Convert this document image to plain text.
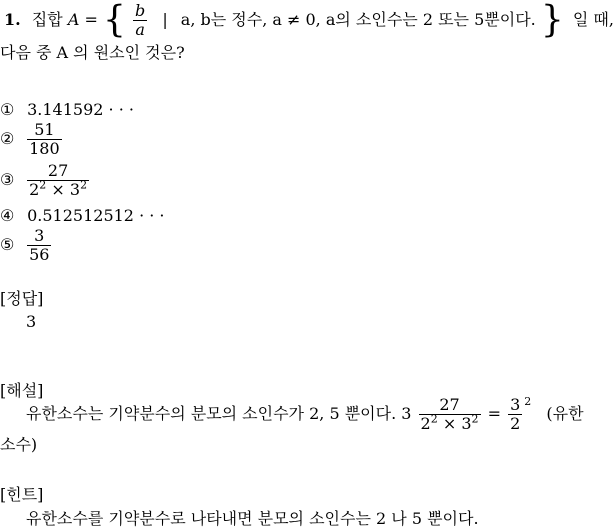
1. 집합 A = { $\frac{b}{a}$ | a, b는 정수, a ≠ 0, a의 소인수는 2 또는 5뿐이다. } 일 때,
다음 중 A 의 원소인 것은?
① 3.141592 · · ·
② $\frac{51}{180}$
③ $\frac{27}{2^2 \times 3^2}$
④ 0.512512512 · · ·
⑤ $\frac{3}{56}$
[정답]
3
[해설]
유한소수는 기약분수의 분모의 소인수가 2, 5 뿐이다. $3 \frac{27}{2^2 \times 3^2} = \frac{3}{2} ^2$ (유한
소수)
[힌트]
유한소수를 기약분수로 나타내면 분모의 소인수는 2 나 5 뿐이다.
